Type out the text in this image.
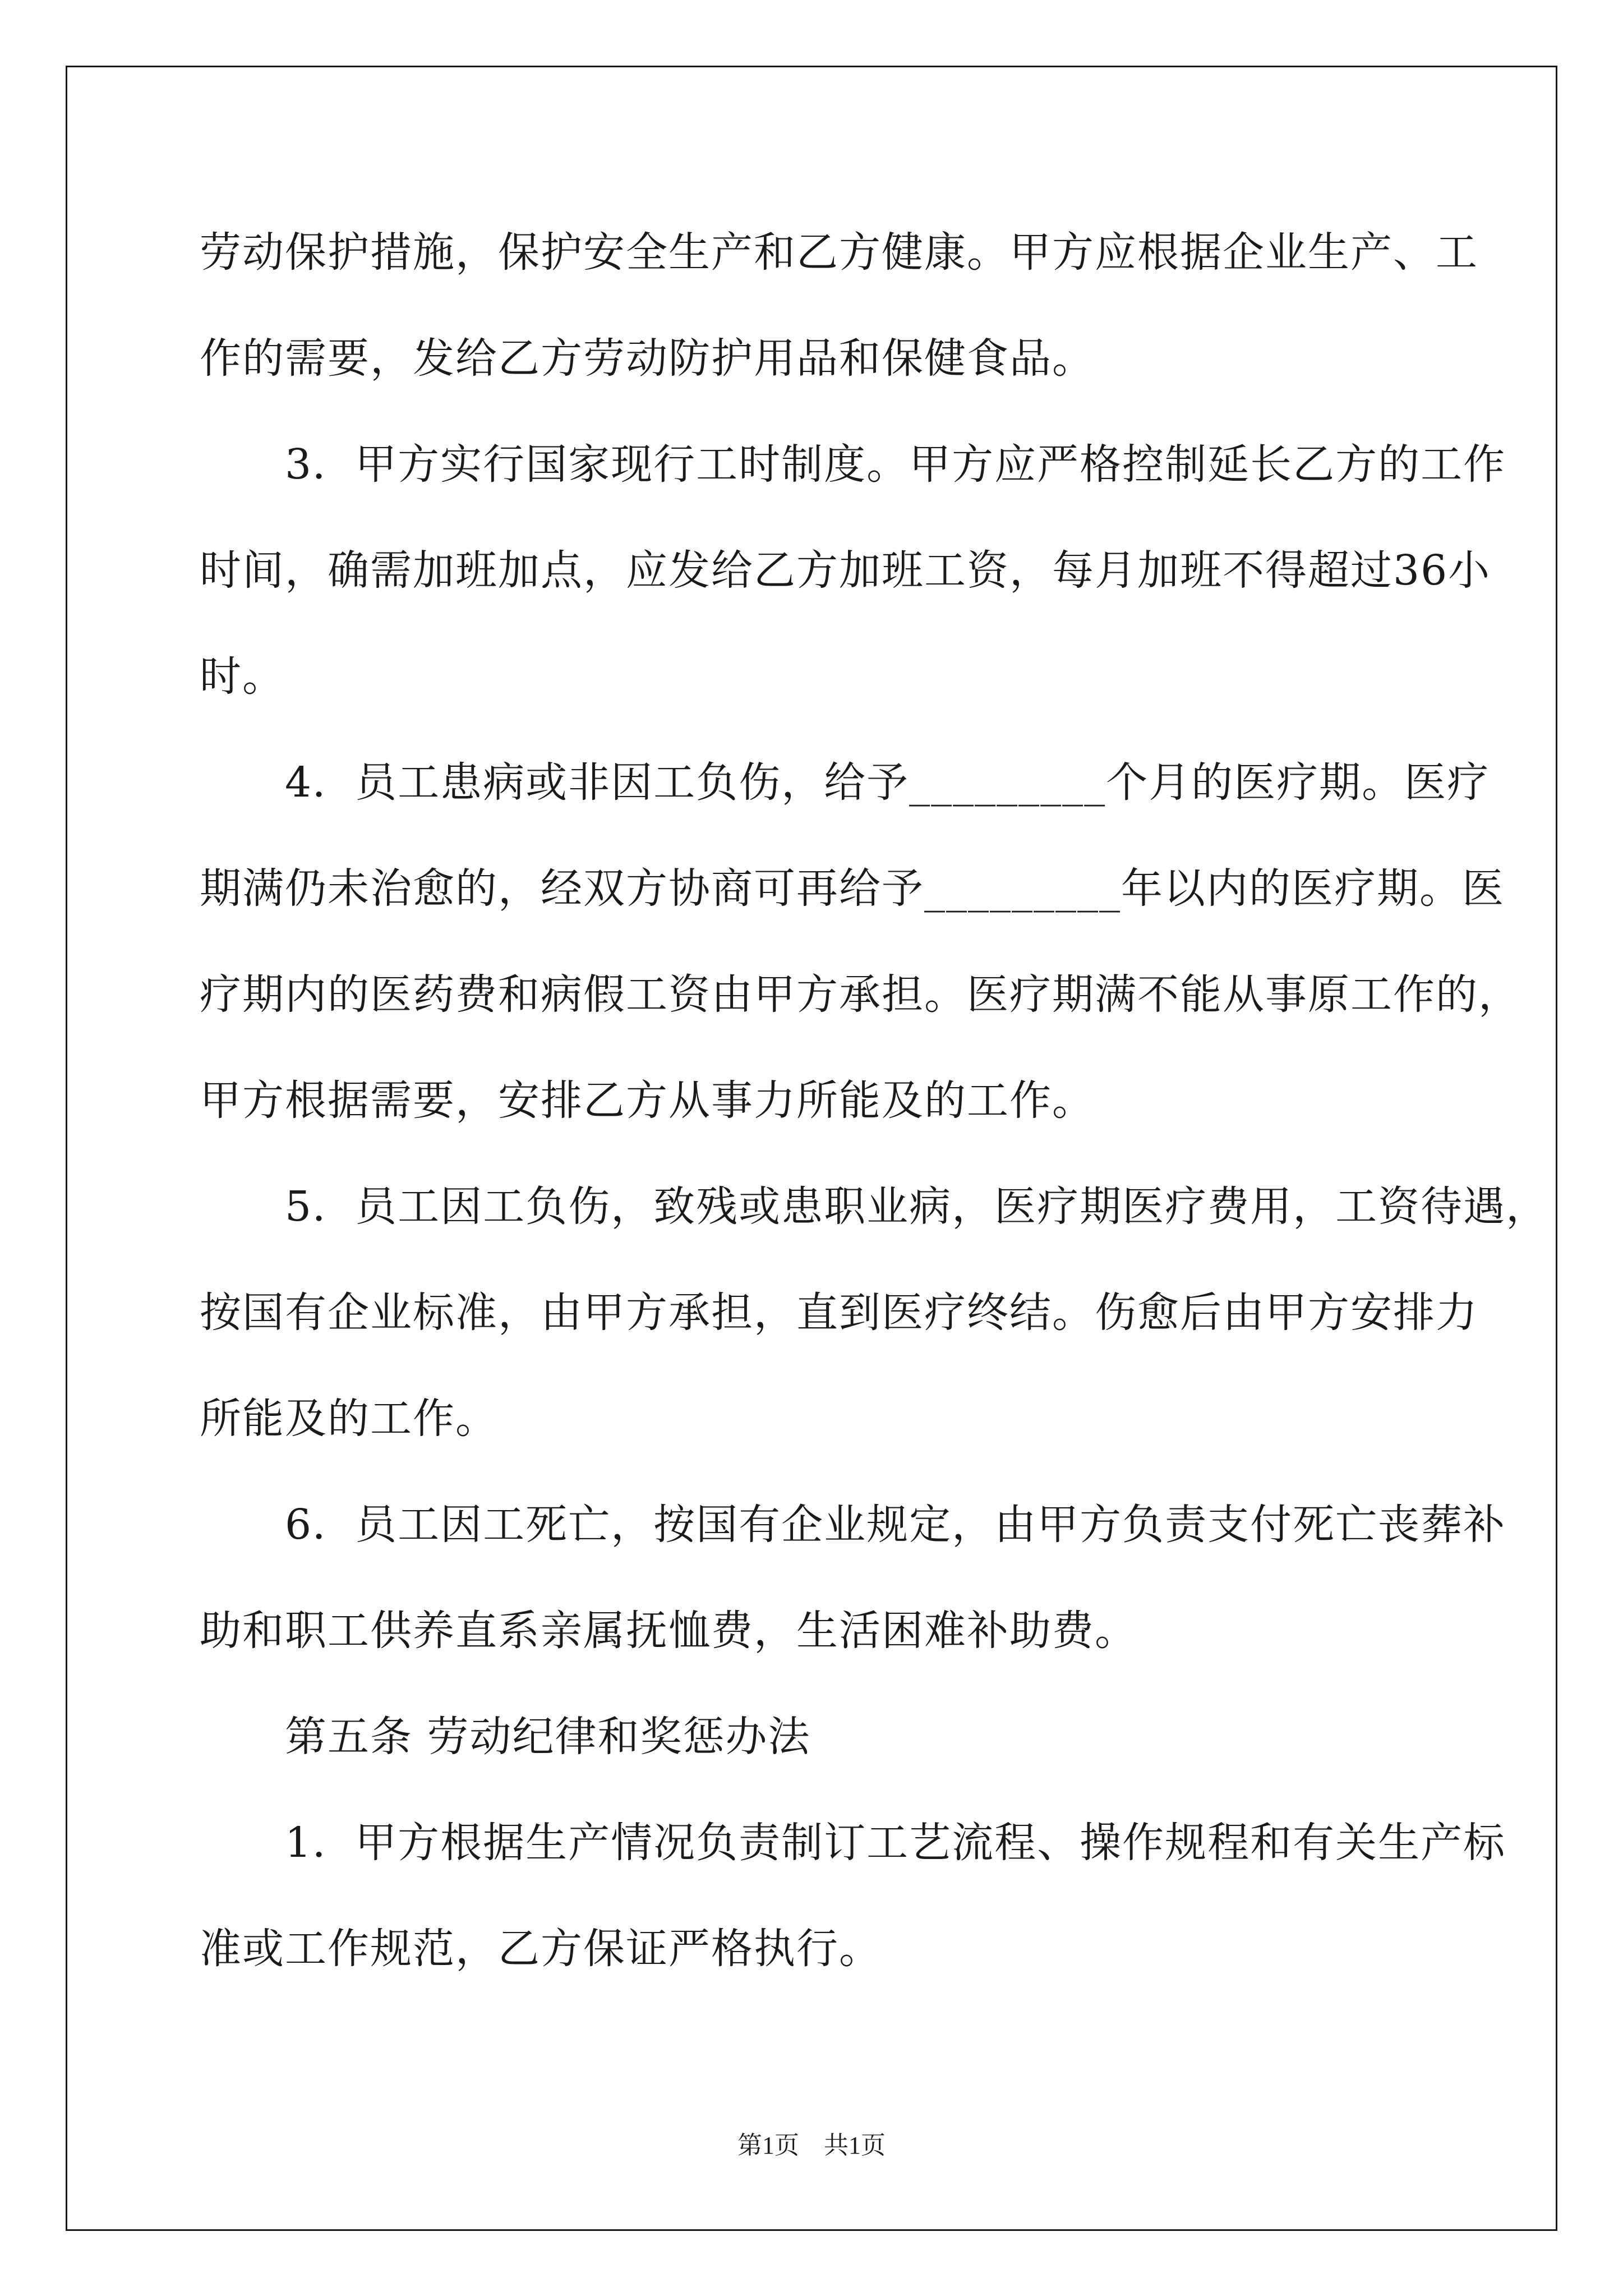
劳动保护措施，保护安全生产和乙方健康。甲方应根据企业生产、工
作的需要，发给乙方劳动防护用品和保健食品。
　　3．甲方实行国家现行工时制度。甲方应严格控制延长乙方的工作
时间，确需加班加点，应发给乙方加班工资，每月加班不得超过36小
时。
　　4．员工患病或非因工负伤，给予_________个月的医疗期。医疗
期满仍未治愈的，经双方协商可再给予_________年以内的医疗期。医
疗期内的医药费和病假工资由甲方承担。医疗期满不能从事原工作的，
甲方根据需要，安排乙方从事力所能及的工作。
　　5．员工因工负伤，致残或患职业病，医疗期医疗费用，工资待遇，
按国有企业标准，由甲方承担，直到医疗终结。伤愈后由甲方安排力
所能及的工作。
　　6．员工因工死亡，按国有企业规定，由甲方负责支付死亡丧葬补
助和职工供养直系亲属抚恤费，生活困难补助费。
　　第五条 劳动纪律和奖惩办法
　　1．甲方根据生产情况负责制订工艺流程、操作规程和有关生产标
准或工作规范，乙方保证严格执行。
第1页　共1页
